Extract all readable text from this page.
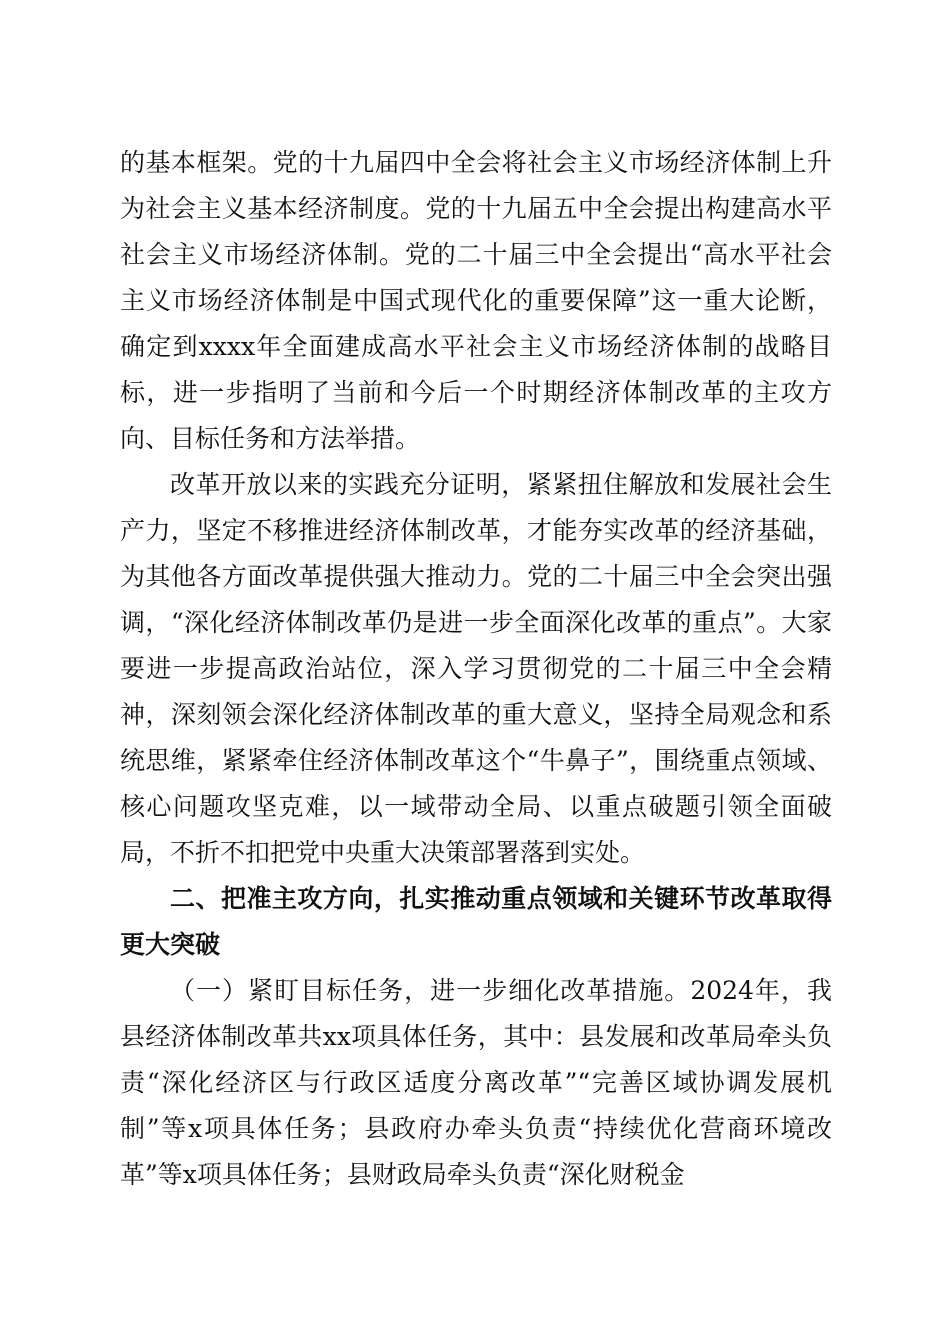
的基本框架。党的十九届四中全会将社会主义市场经济体制上升为社会主义基本经济制度。党的十九届五中全会提出构建高水平社会主义市场经济体制。党的二十届三中全会提出“高水平社会主义市场经济体制是中国式现代化的重要保障”这一重大论断，确定到xxxx年全面建成高水平社会主义市场经济体制的战略目标，进一步指明了当前和今后一个时期经济体制改革的主攻方向、目标任务和方法举措。

改革开放以来的实践充分证明，紧紧扭住解放和发展社会生产力，坚定不移推进经济体制改革，才能夯实改革的经济基础，为其他各方面改革提供强大推动力。党的二十届三中全会突出强调，“深化经济体制改革仍是进一步全面深化改革的重点”。大家要进一步提高政治站位，深入学习贯彻党的二十届三中全会精神，深刻领会深化经济体制改革的重大意义，坚持全局观念和系统思维，紧紧牵住经济体制改革这个“牛鼻子”，围绕重点领域、核心问题攻坚克难，以一域带动全局、以重点破题引领全面破局，不折不扣把党中央重大决策部署落到实处。

二、把准主攻方向，扎实推动重点领域和关键环节改革取得更大突破

（一）紧盯目标任务，进一步细化改革措施。2024年，我县经济体制改革共xx项具体任务，其中：县发展和改革局牵头负责“深化经济区与行政区适度分离改革”“完善区域协调发展机制”等x项具体任务；县政府办牵头负责“持续优化营商环境改革”等x项具体任务；县财政局牵头负责“深化财税金
